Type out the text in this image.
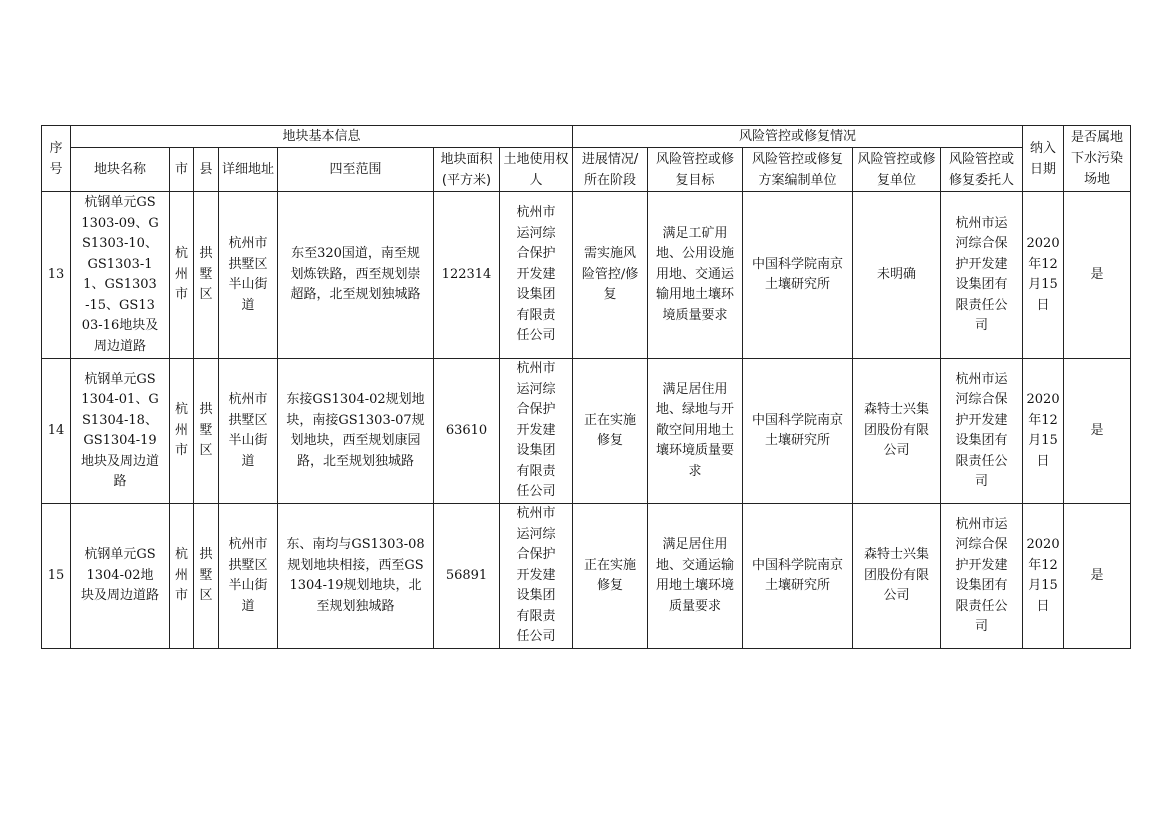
序号	地块基本信息							风险管控或修复情况					纳入日期	是否属地下水污染场地
	地块名称	市	县	详细地址	四至范围	地块面积(平方米)	土地使用权人	进展情况/所在阶段	风险管控或修复目标	风险管控或修复方案编制单位	风险管控或修复单位	风险管控或修复委托人		
13	杭钢单元GS1303-09、GS1303-10、GS1303-11、GS1303-15、GS1303-16地块及周边道路	杭州市	拱墅区	杭州市拱墅区半山街道	东至320国道，南至规划炼铁路，西至规划崇超路，北至规划独城路	122314	杭州市运河综合保护开发建设集团有限责任公司	需实施风险管控/修复	满足工矿用地、公用设施用地、交通运输用地土壤环境质量要求	中国科学院南京土壤研究所	未明确	杭州市运河综合保护开发建设集团有限责任公司	2020年12月15日	是
14	杭钢单元GS1304-01、GS1304-18、GS1304-19地块及周边道路	杭州市	拱墅区	杭州市拱墅区半山街道	东接GS1304-02规划地块，南接GS1303-07规划地块，西至规划康园路，北至规划独城路	63610	杭州市运河综合保护开发建设集团有限责任公司	正在实施修复	满足居住用地、绿地与开敞空间用地土壤环境质量要求	中国科学院南京土壤研究所	森特士兴集团股份有限公司	杭州市运河综合保护开发建设集团有限责任公司	2020年12月15日	是
15	杭钢单元GS1304-02地块及周边道路	杭州市	拱墅区	杭州市拱墅区半山街道	东、南均与GS1303-08规划地块相接，西至GS1304-19规划地块，北至规划独城路	56891	杭州市运河综合保护开发建设集团有限责任公司	正在实施修复	满足居住用地、交通运输用地土壤环境质量要求	中国科学院南京土壤研究所	森特士兴集团股份有限公司	杭州市运河综合保护开发建设集团有限责任公司	2020年12月15日	是
